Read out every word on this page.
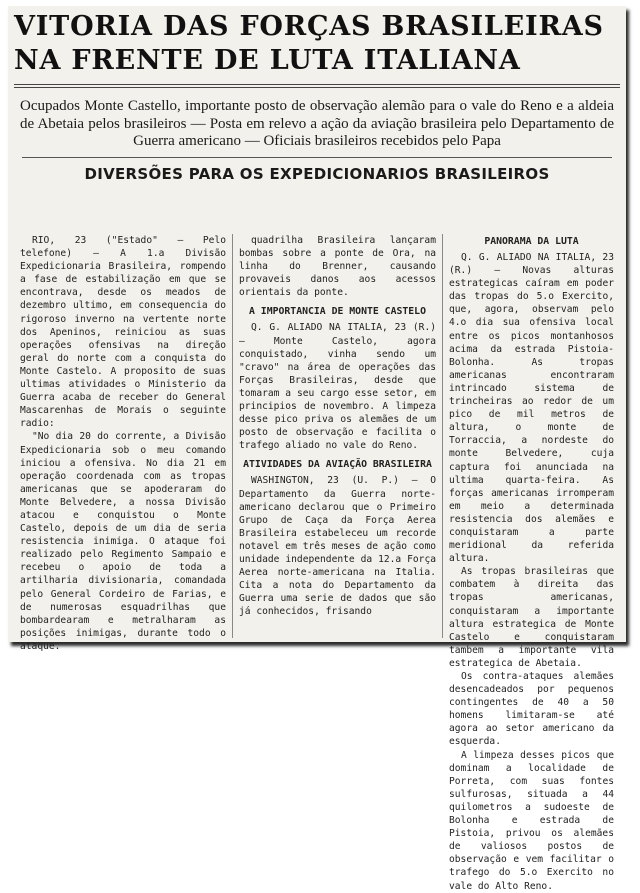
VITORIA DAS FORÇAS BRASILEIRAS
NA FRENTE DE LUTA ITALIANA
Ocupados Monte Castello, importante posto de observação alemão para o vale do Reno e a aldeia de Abetaia pelos brasileiros — Posta em relevo a ação da aviação brasileira pelo Departamento de Guerra americano — Oficiais brasileiros recebidos pelo Papa
DIVERSÕES PARA OS EXPEDICIONARIOS BRASILEIROS

RIO, 23 ("Estado" — Pelo telefone) — A 1.a Divisão Expedicionaria Brasileira, rompendo a fase de estabilização em que se encontrava, desde os meados de dezembro ultimo, em consequencia do rigoroso inverno na vertente norte dos Apeninos, reiniciou as suas operações ofensivas na direção geral do norte com a conquista do Monte Castelo. A proposito de suas ultimas atividades o Ministerio da Guerra acaba de receber do General Mascarenhas de Morais o seguinte radio:

"No dia 20 do corrente, a Divisão Expedicionaria sob o meu comando iniciou a ofensiva. No dia 21 em operação coordenada com as tropas americanas que se apoderaram do Monte Belvedere, a nossa Divisão atacou e conquistou o Monte Castelo, depois de um dia de seria resistencia inimiga. O ataque foi realizado pelo Regimento Sampaio e recebeu o apoio de toda a artilharia divisionaria, comandada pelo General Cordeiro de Farias, e de numerosas esquadrilhas que bombardearam e metralharam as posições inimigas, durante todo o ataque.

quadrilha Brasileira lançaram bombas sobre a ponte de Ora, na linha do Brenner, causando provaveis danos aos acessos orientais da ponte.

A IMPORTANCIA DE MONTE CASTELO

Q. G. ALIADO NA ITALIA, 23 (R.) — Monte Castelo, agora conquistado, vinha sendo um "cravo" na área de operações das Forças Brasileiras, desde que tomaram a seu cargo esse setor, em principios de novembro. A limpeza desse pico priva os alemães de um posto de observação e facilita o trafego aliado no vale do Reno.

ATIVIDADES DA AVIAÇÃO BRASILEIRA

WASHINGTON, 23 (U. P.) — O Departamento da Guerra norte-americano declarou que o Primeiro Grupo de Caça da Força Aerea Brasileira estabeleceu um recorde notavel em três meses de ação como unidade independente da 12.a Força Aerea norte-americana na Italia. Cita a nota do Departamento da Guerra uma serie de dados que são já conhecidos, frisando

PANORAMA DA LUTA

Q. G. ALIADO NA ITALIA, 23 (R.) — Novas alturas estrategicas caíram em poder das tropas do 5.o Exercito, que, agora, observam pelo 4.o dia sua ofensiva local entre os picos montanhosos acima da estrada Pistoia-Bolonha. As tropas americanas encontraram intrincado sistema de trincheiras ao redor de um pico de mil metros de altura, o monte de Torraccia, a nordeste do monte Belvedere, cuja captura foi anunciada na ultima quarta-feira. As forças americanas irromperam em meio a determinada resistencia dos alemães e conquistaram a parte meridional da referida altura.

As tropas brasileiras que combatem à direita das tropas americanas, conquistaram a importante altura estrategica de Monte Castelo e conquistaram tambem a importante vila estrategica de Abetaia.

Os contra-ataques alemães desencadeados por pequenos contingentes de 40 a 50 homens limitaram-se até agora ao setor americano da esquerda.

A limpeza desses picos que dominam a localidade de Porreta, com suas fontes sulfurosas, situada a 44 quilometros a sudoeste de Bolonha e estrada de Pistoia, privou os alemães de valiosos postos de observação e vem facilitar o trafego do 5.o Exercito no vale do Alto Reno.
